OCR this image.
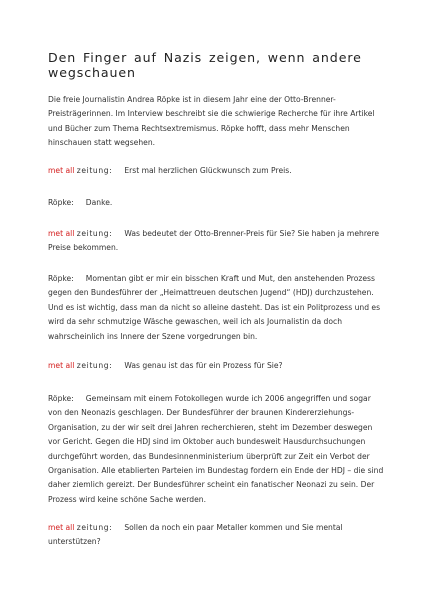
Den Finger auf Nazis zeigen, wenn andere wegschauen
Die freie Journalistin Andrea Röpke ist in diesem Jahr eine der Otto-Brenner-Preisträgerinnen. Im Interview beschreibt sie die schwierige Recherche für ihre Artikel und Bücher zum Thema Rechtsextremismus. Röpke hofft, dass mehr Menschen hinschauen statt wegsehen.
met all zeitung: Erst mal herzlichen Glückwunsch zum Preis.
Röpke: Danke.
met all zeitung: Was bedeutet der Otto-Brenner-Preis für Sie? Sie haben ja mehrere Preise bekommen.
Röpke: Momentan gibt er mir ein bisschen Kraft und Mut, den anstehenden Prozess gegen den Bundesführer der „Heimattreuen deutschen Jugend“ (HDJ) durchzustehen. Und es ist wichtig, dass man da nicht so alleine dasteht. Das ist ein Politprozess und es wird da sehr schmutzige Wäsche gewaschen, weil ich als Journalistin da doch wahrscheinlich ins Innere der Szene vorgedrungen bin.
met all zeitung: Was genau ist das für ein Prozess für Sie?
Röpke: Gemeinsam mit einem Fotokollegen wurde ich 2006 angegriffen und sogar von den Neonazis geschlagen. Der Bundesführer der braunen Kindererziehungs-Organisation, zu der wir seit drei Jahren recherchieren, steht im Dezember deswegen vor Gericht. Gegen die HDJ sind im Oktober auch bundesweit Hausdurchsuchungen durchgeführt worden, das Bundesinnenministerium überprüft zur Zeit ein Verbot der Organisation. Alle etablierten Parteien im Bundestag fordern ein Ende der HDJ – die sind daher ziemlich gereizt. Der Bundesführer scheint ein fanatischer Neonazi zu sein. Der Prozess wird keine schöne Sache werden.
met all zeitung: Sollen da noch ein paar Metaller kommen und Sie mental unterstützen?
